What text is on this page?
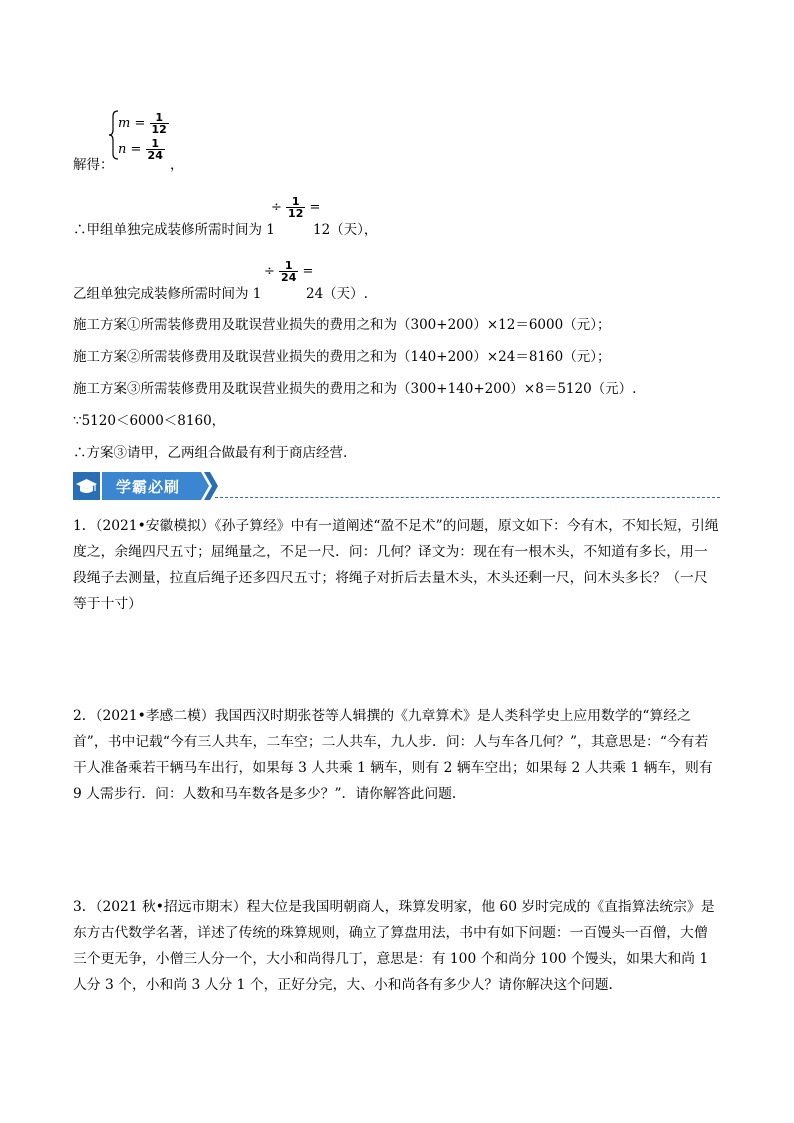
$m = \frac{1}{12}$
$n = \frac{1}{24}$
解得：	，
∴甲组单独完成装修所需时间为 1
÷ $\frac{1}{12}$ =
12（天），
乙组单独完成装修所需时间为 1
÷ $\frac{1}{24}$ =
24（天）.
施工方案①所需装修费用及耽误营业损失的费用之和为（300+200）×12＝6000（元）；
施工方案②所需装修费用及耽误营业损失的费用之和为（140+200）×24＝8160（元）；
施工方案③所需装修费用及耽误营业损失的费用之和为（300+140+200）×8＝5120（元）.
∵5120＜6000＜8160，
∴方案③请甲，乙两组合做最有利于商店经营.
学霸必刷
1．（2021•安徽模拟）《孙子算经》中有一道阐述“盈不足术”的问题，原文如下：今有木，不知长短，引绳度之，余绳四尺五寸；屈绳量之，不足一尺．问：几何？译文为：现在有一根木头，不知道有多长，用一段绳子去测量，拉直后绳子还多四尺五寸；将绳子对折后去量木头，木头还剩一尺，问木头多长？（一尺等于十寸）
2．（2021•孝感二模）我国西汉时期张苍等人辑撰的《九章算术》是人类科学史上应用数学的“算经之首”，书中记载“今有三人共车，二车空；二人共车，九人步．问：人与车各几何？”，其意思是：“今有若干人准备乘若干辆马车出行，如果每 3 人共乘 1 辆车，则有 2 辆车空出；如果每 2 人共乘 1 辆车，则有 9 人需步行．问：人数和马车数各是多少？”．请你解答此问题．
3．（2021 秋•招远市期末）程大位是我国明朝商人，珠算发明家，他 60 岁时完成的《直指算法统宗》是东方古代数学名著，详述了传统的珠算规则，确立了算盘用法，书中有如下问题：一百馒头一百僧，大僧三个更无争，小僧三人分一个，大小和尚得几丁，意思是：有 100 个和尚分 100 个馒头，如果大和尚 1 人分 3 个，小和尚 3 人分 1 个，正好分完，大、小和尚各有多少人？请你解决这个问题．
